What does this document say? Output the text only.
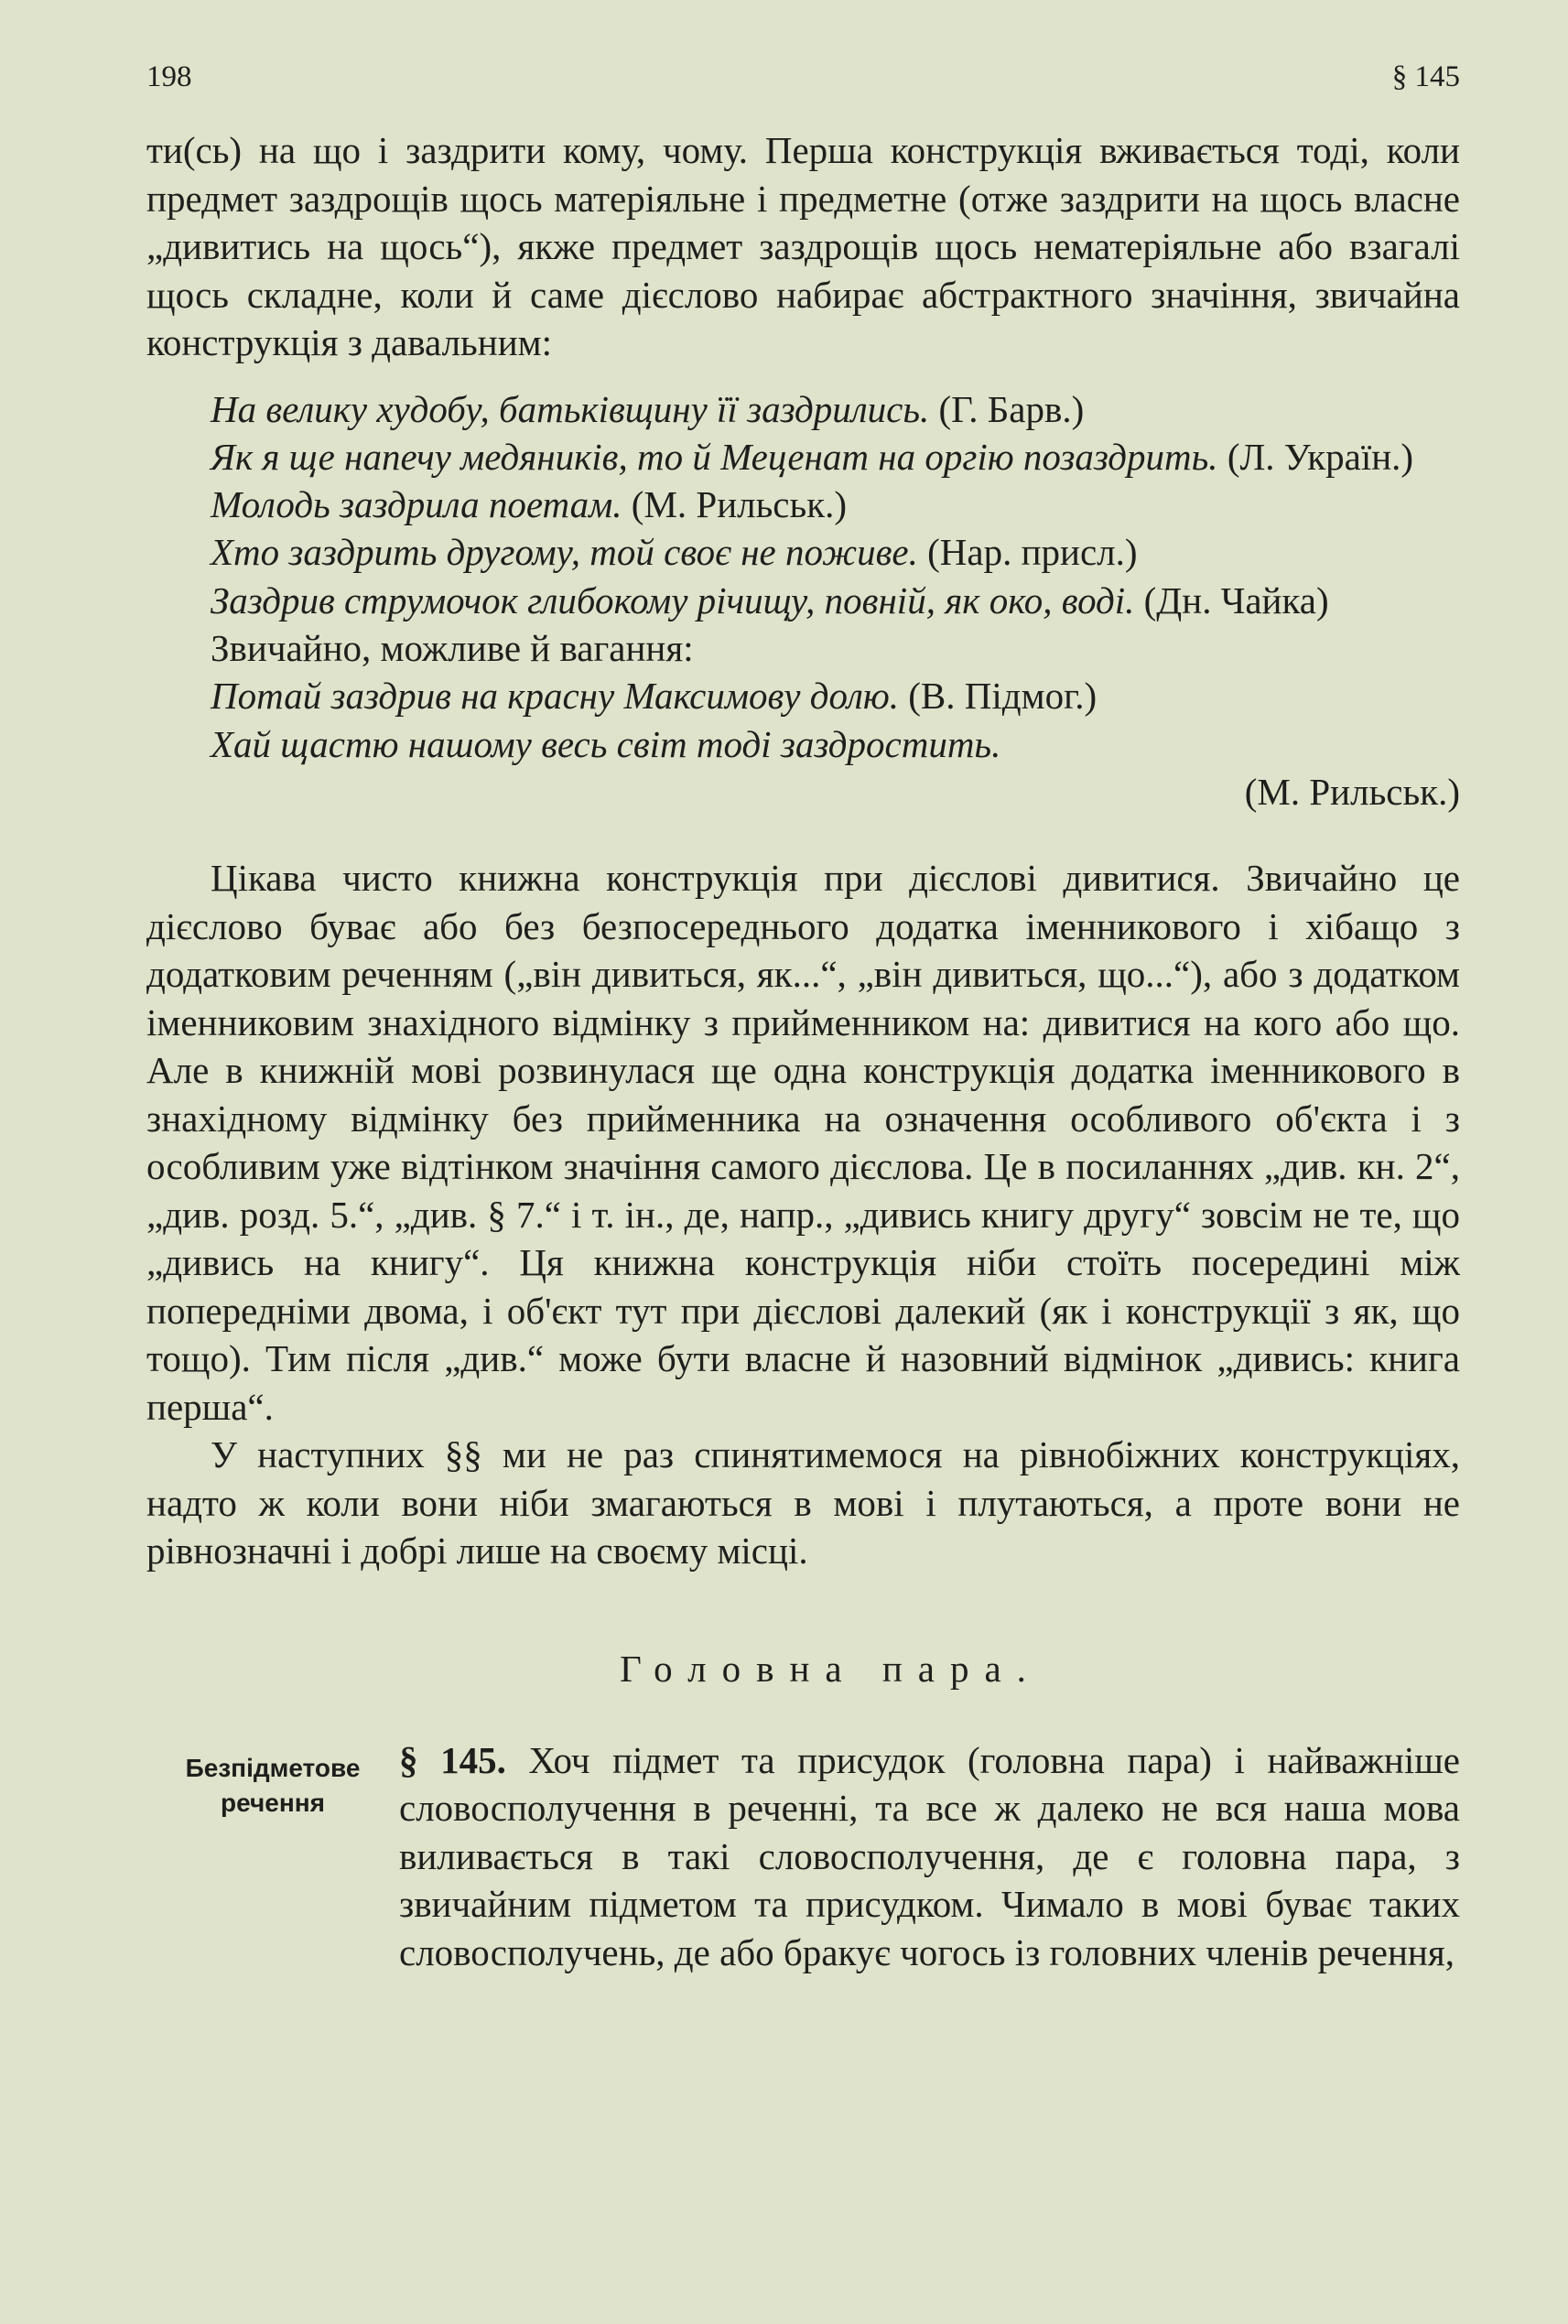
198	§ 145

ти(сь) на що і заздрити кому, чому. Перша конструкція вживається тоді, коли предмет заздрощів щось матеріяльне і предметне (отже заздрити на щось власне „дивитись на щось“), якже предмет заздрощів щось нематеріяльне або взагалі щось складне, коли й саме дієслово набирає абстрактного значіння, звичайна конструкція з давальним:

На велику худобу, батьківщину її заздрились. (Г. Барв.)

Як я ще напечу медяників, то й Меценат на оргію позаздрить. (Л. Україн.)

Молодь заздрила поетам. (М. Рильськ.)

Хто заздрить другому, той своє не поживе. (Нар. присл.)

Заздрив струмочок глибокому річищу, повній, як око, воді. (Дн. Чайка)

Звичайно, можливе й вагання:

Потай заздрив на красну Максимову долю. (В. Підмог.)

Хай щастю нашому весь світ тоді заздростить.

(М. Рильськ.)

Цікава чисто книжна конструкція при дієслові дивитися. Звичайно це дієслово буває або без безпосереднього додатка іменникового і хібащо з додатковим реченням („він дивиться, як...“, „він дивиться, що...“), або з додатком іменниковим знахідного відмінку з прийменником на: дивитися на кого або що. Але в книжній мові розвинулася ще одна конструкція додатка іменникового в знахідному відмінку без прийменника на означення особливого об'єкта і з особливим уже відтінком значіння самого дієслова. Це в посиланнях „див. кн. 2“, „див. розд. 5.“, „див. § 7.“ і т. ін., де, напр., „дивись книгу другу“ зовсім не те, що „дивись на книгу“. Ця книжна конструкція ніби стоїть посередині між попередніми двома, і об'єкт тут при дієслові далекий (як і конструкції з як, що тощо). Тим після „див.“ може бути власне й назовний відмінок „дивись: книга перша“.

У наступних §§ ми не раз спинятимемося на рівнобіжних конструкціях, надто ж коли вони ніби змагаються в мові і плутаються, а проте вони не рівнозначні і добрі лише на своєму місці.

Головна пара.
Безпідметове
речення

§ 145. Хоч підмет та присудок (головна пара) і найважніше словосполучення в реченні, та все ж далеко не вся наша мова виливається в такі словосполучення, де є головна пара, з звичайним підметом та присудком. Чимало в мові буває таких словосполучень, де або бракує чогось із головних членів речення,
